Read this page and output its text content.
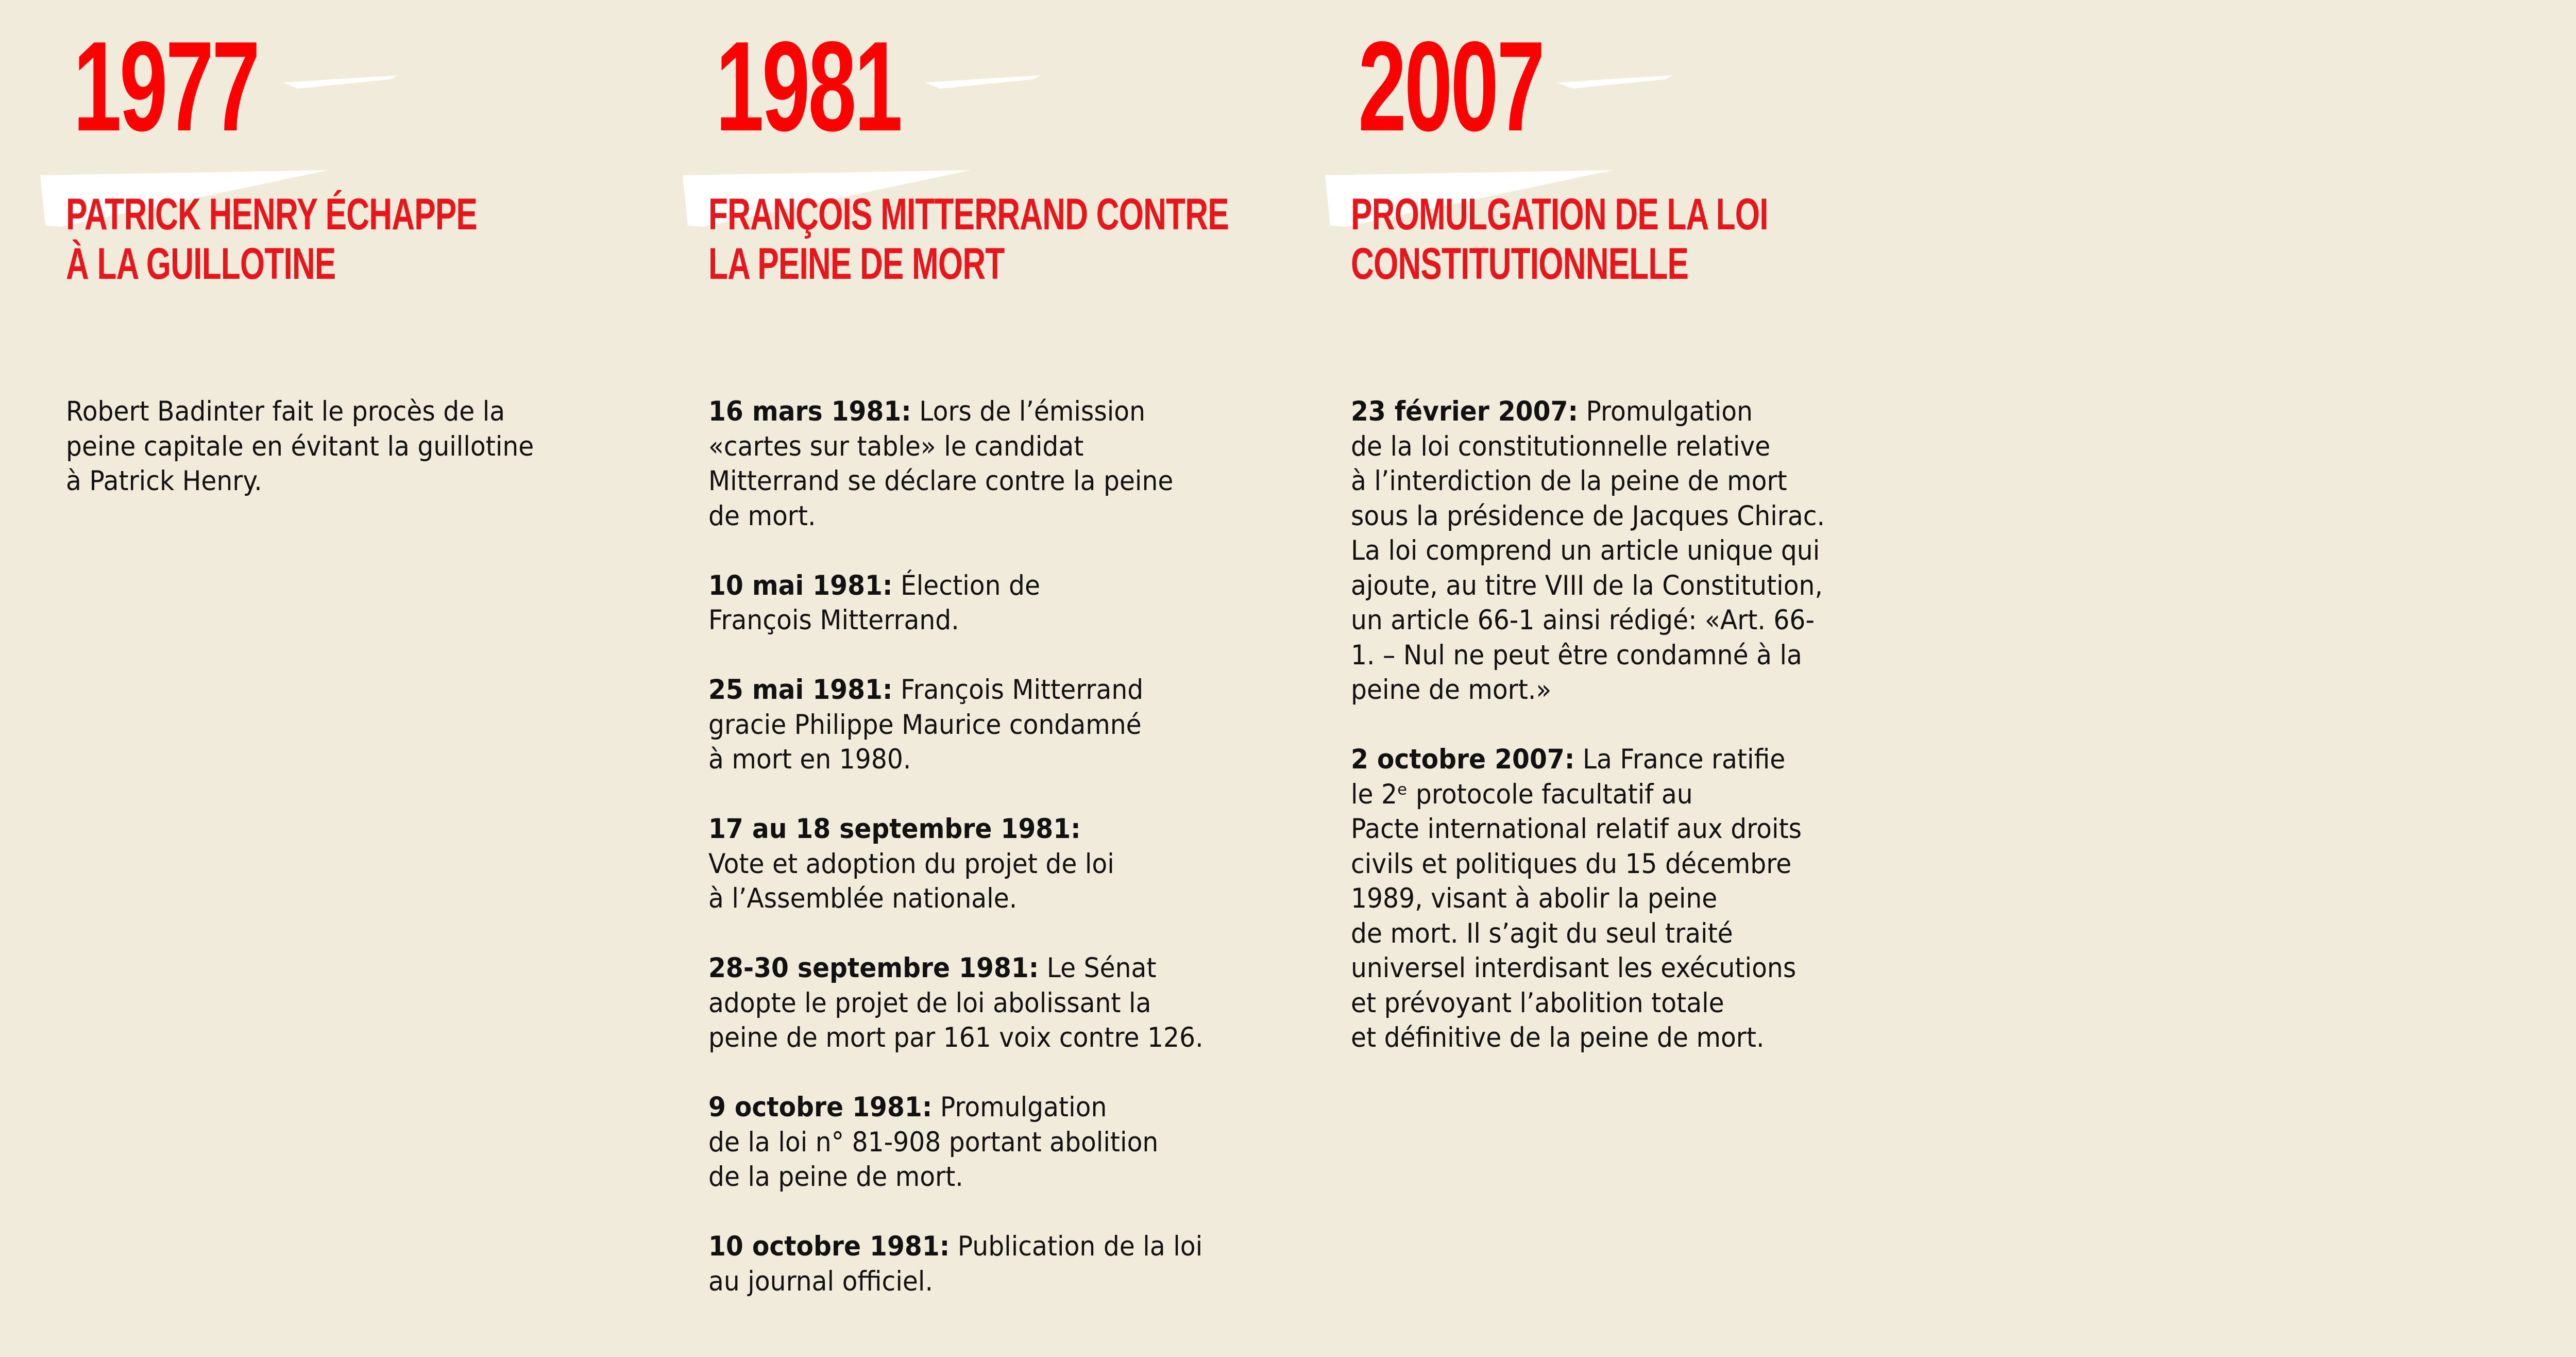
1977
PATRICK HENRY ÉCHAPPE
À LA GUILLOTINE

Robert Badinter fait le procès de la
peine capitale en évitant la guillotine
à Patrick Henry.

1981
FRANÇOIS MITTERRAND CONTRE
LA PEINE DE MORT

16 mars 1981: Lors de l’émission
«cartes sur table» le candidat
Mitterrand se déclare contre la peine
de mort.

10 mai 1981: Élection de
François Mitterrand.

25 mai 1981: François Mitterrand
gracie Philippe Maurice condamné
à mort en 1980.

17 au 18 septembre 1981:
Vote et adoption du projet de loi
à l’Assemblée nationale.

28-30 septembre 1981: Le Sénat
adopte le projet de loi abolissant la
peine de mort par 161 voix contre 126.

9 octobre 1981: Promulgation
de la loi n° 81-908 portant abolition
de la peine de mort.

10 octobre 1981: Publication de la loi
au journal officiel.

2007
PROMULGATION DE LA LOI
CONSTITUTIONNELLE

23 février 2007: Promulgation
de la loi constitutionnelle relative
à l’interdiction de la peine de mort
sous la présidence de Jacques Chirac.
La loi comprend un article unique qui
ajoute, au titre VIII de la Constitution,
un article 66-1 ainsi rédigé: «Art. 66-
1. – Nul ne peut être condamné à la
peine de mort.»

2 octobre 2007: La France ratifie
le 2ᵉ protocole facultatif au
Pacte international relatif aux droits
civils et politiques du 15 décembre
1989, visant à abolir la peine
de mort. Il s’agit du seul traité
universel interdisant les exécutions
et prévoyant l’abolition totale
et définitive de la peine de mort.
